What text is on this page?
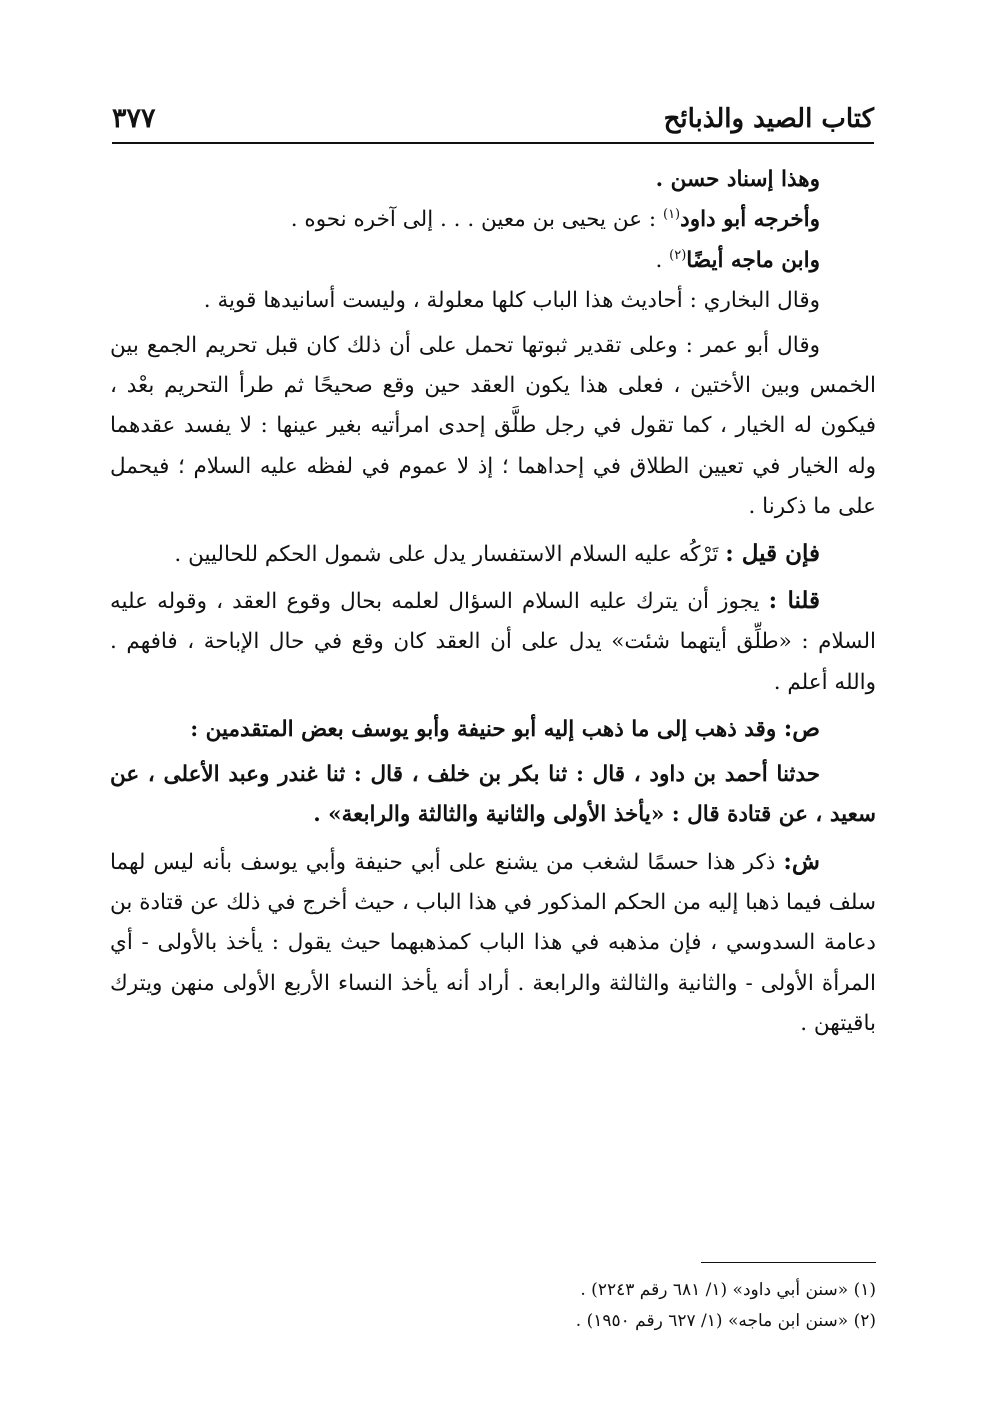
كتاب الصيد والذبائح
٣٧٧

وهذا إسناد حسن .

وأخرجه أبو داود$^{(١)}$ : عن يحيى بن معين . . . إلى آخره نحوه .

وابن ماجه أيضًا$^{(٢)}$ .

وقال البخاري : أحاديث هذا الباب كلها معلولة ، وليست أسانيدها قوية .

وقال أبو عمر : وعلى تقدير ثبوتها تحمل على أن ذلك كان قبل تحريم الجمع بين الخمس وبين الأختين ، فعلى هذا يكون العقد حين وقع صحيحًا ثم طرأ التحريم بعْد ، فيكون له الخيار ، كما تقول في رجل طلَّق إحدى امرأتيه بغير عينها : لا يفسد عقدهما وله الخيار في تعيين الطلاق في إحداهما ؛ إذ لا عموم في لفظه عليه السلام ؛ فيحمل على ما ذكرنا .

فإن قيل : تَرْكُه عليه السلام الاستفسار يدل على شمول الحكم للحاليين .

قلنا : يجوز أن يترك عليه السلام السؤال لعلمه بحال وقوع العقد ، وقوله عليه السلام : «طلِّق أيتهما شئت» يدل على أن العقد كان وقع في حال الإباحة ، فافهم . والله أعلم .

ص: وقد ذهب إلى ما ذهب إليه أبو حنيفة وأبو يوسف بعض المتقدمين :

حدثنا أحمد بن داود ، قال : ثنا بكر بن خلف ، قال : ثنا غندر وعبد الأعلى ، عن سعيد ، عن قتادة قال : «يأخذ الأولى والثانية والثالثة والرابعة» .

ش: ذكر هذا حسمًا لشغب من يشنع على أبي حنيفة وأبي يوسف بأنه ليس لهما سلف فيما ذهبا إليه من الحكم المذكور في هذا الباب ، حيث أخرج في ذلك عن قتادة بن دعامة السدوسي ، فإن مذهبه في هذا الباب كمذهبهما حيث يقول : يأخذ بالأولى - أي المرأة الأولى - والثانية والثالثة والرابعة . أراد أنه يأخذ النساء الأربع الأولى منهن ويترك باقيتهن .

(١) «سنن أبي داود» (١/ ٦٨١ رقم ٢٢٤٣) .
(٢) «سنن ابن ماجه» (١/ ٦٢٧ رقم ١٩٥٠) .
